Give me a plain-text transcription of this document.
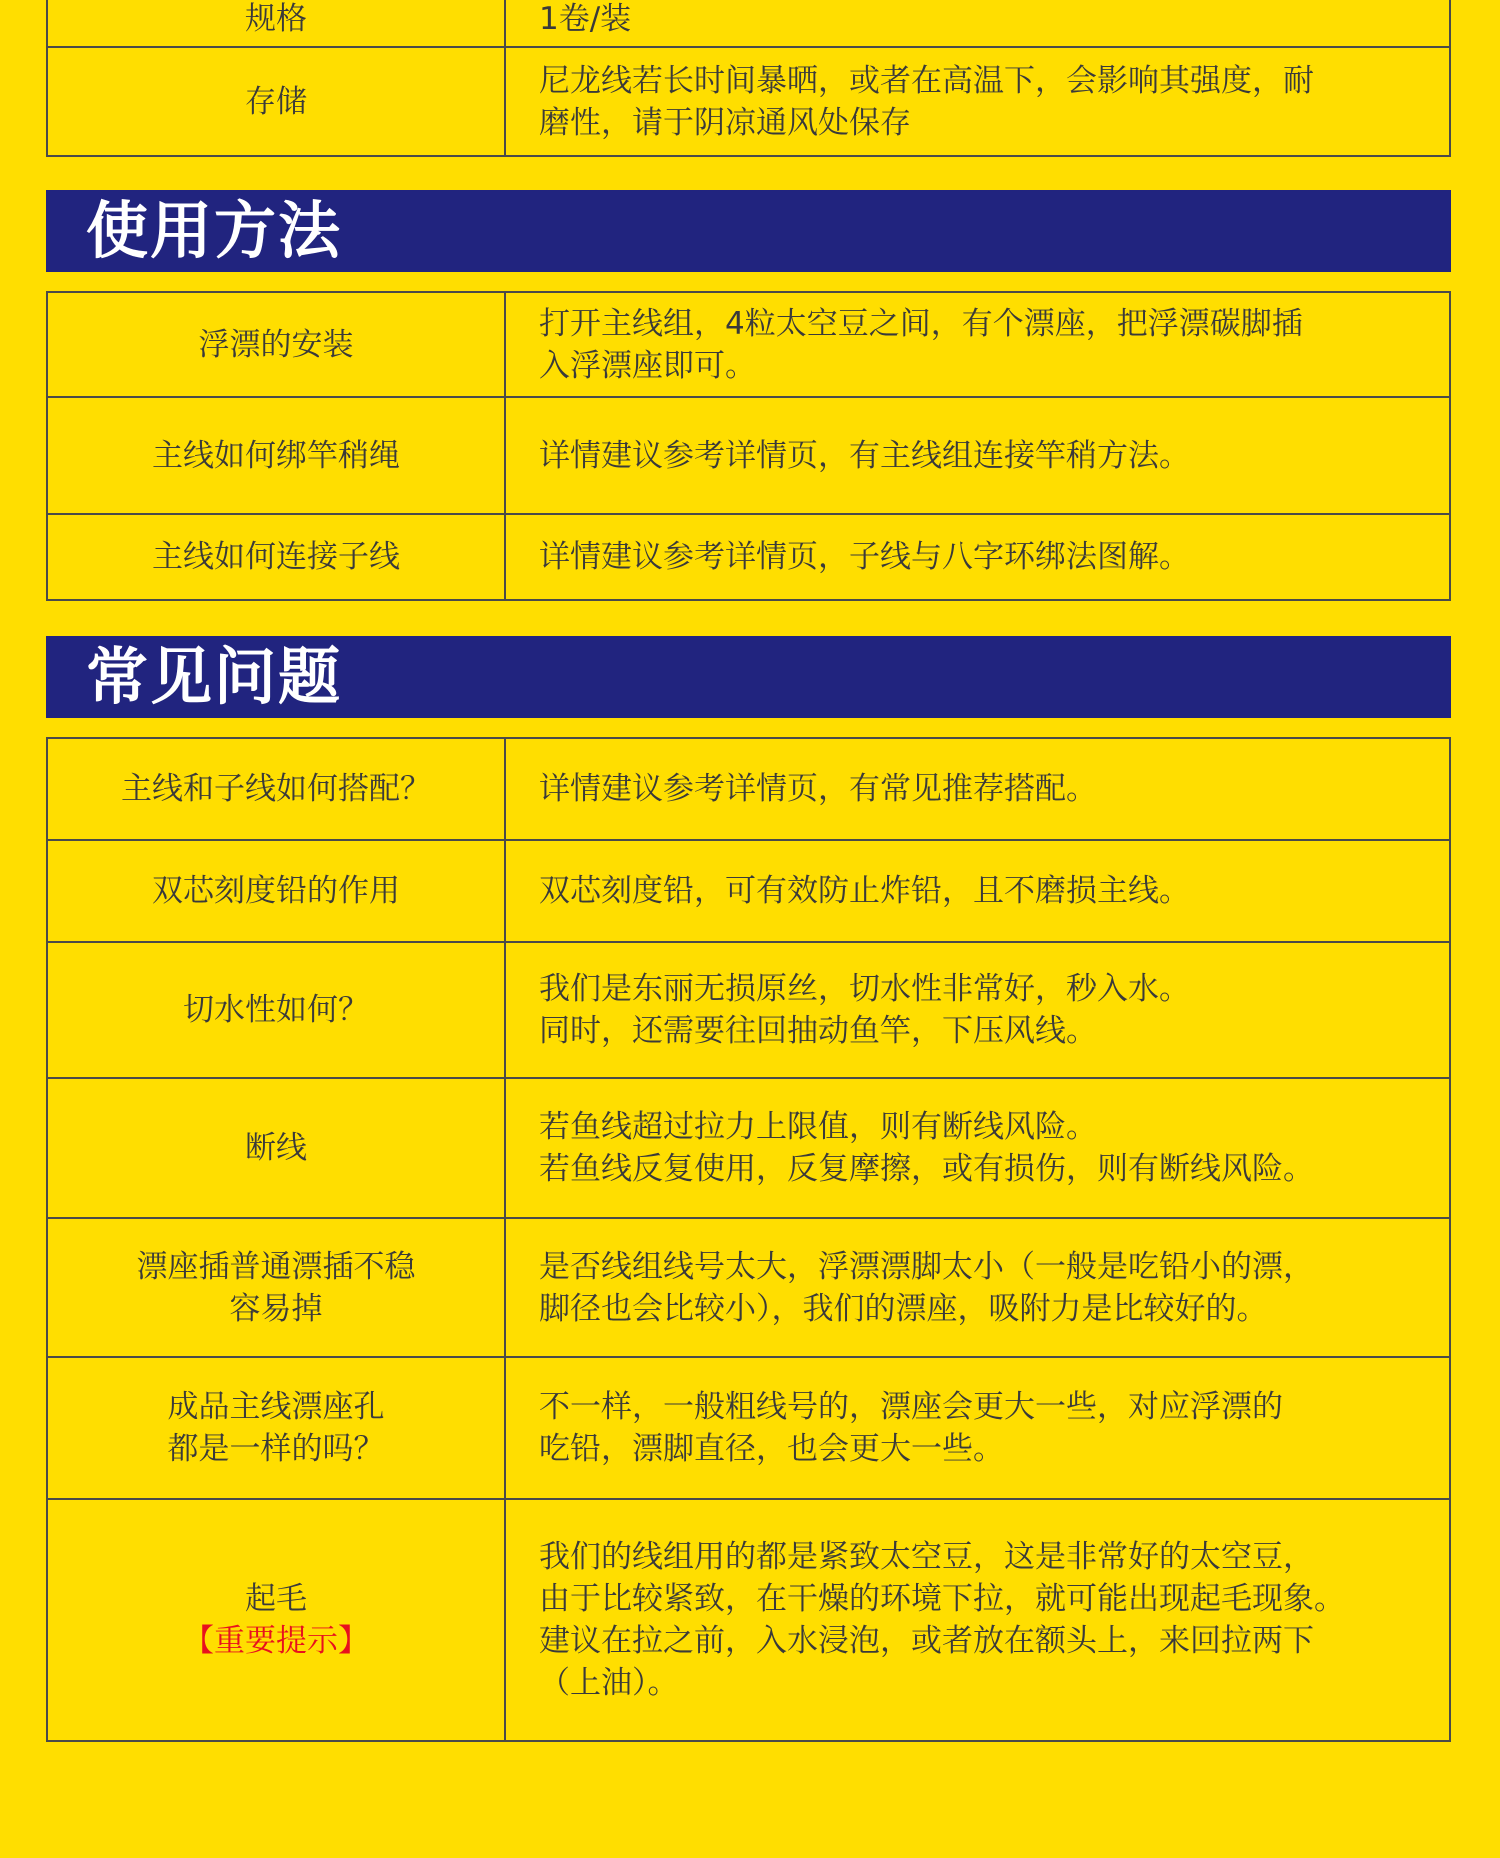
规格	1卷/装
存储	尼龙线若长时间暴晒，或者在高温下，会影响其强度，耐
磨性，请于阴凉通风处保存
使用方法
浮漂的安装	打开主线组，4粒太空豆之间，有个漂座，把浮漂碳脚插
入浮漂座即可。
主线如何绑竿稍绳	详情建议参考详情页，有主线组连接竿稍方法。
主线如何连接子线	详情建议参考详情页，子线与八字环绑法图解。
常见问题
主线和子线如何搭配？	详情建议参考详情页，有常见推荐搭配。
双芯刻度铅的作用	双芯刻度铅，可有效防止炸铅，且不磨损主线。
切水性如何？	我们是东丽无损原丝，切水性非常好，秒入水。
同时，还需要往回抽动鱼竿，下压风线。
断线	若鱼线超过拉力上限值，则有断线风险。
若鱼线反复使用，反复摩擦，或有损伤，则有断线风险。
漂座插普通漂插不稳
容易掉	是否线组线号太大，浮漂漂脚太小（一般是吃铅小的漂，
脚径也会比较小），我们的漂座，吸附力是比较好的。
成品主线漂座孔
都是一样的吗？	不一样，一般粗线号的，漂座会更大一些，对应浮漂的
吃铅，漂脚直径，也会更大一些。

起毛
【重要提示】	我们的线组用的都是紧致太空豆，这是非常好的太空豆，
由于比较紧致，在干燥的环境下拉，就可能出现起毛现象。
建议在拉之前，入水浸泡，或者放在额头上，来回拉两下
（上油）。
